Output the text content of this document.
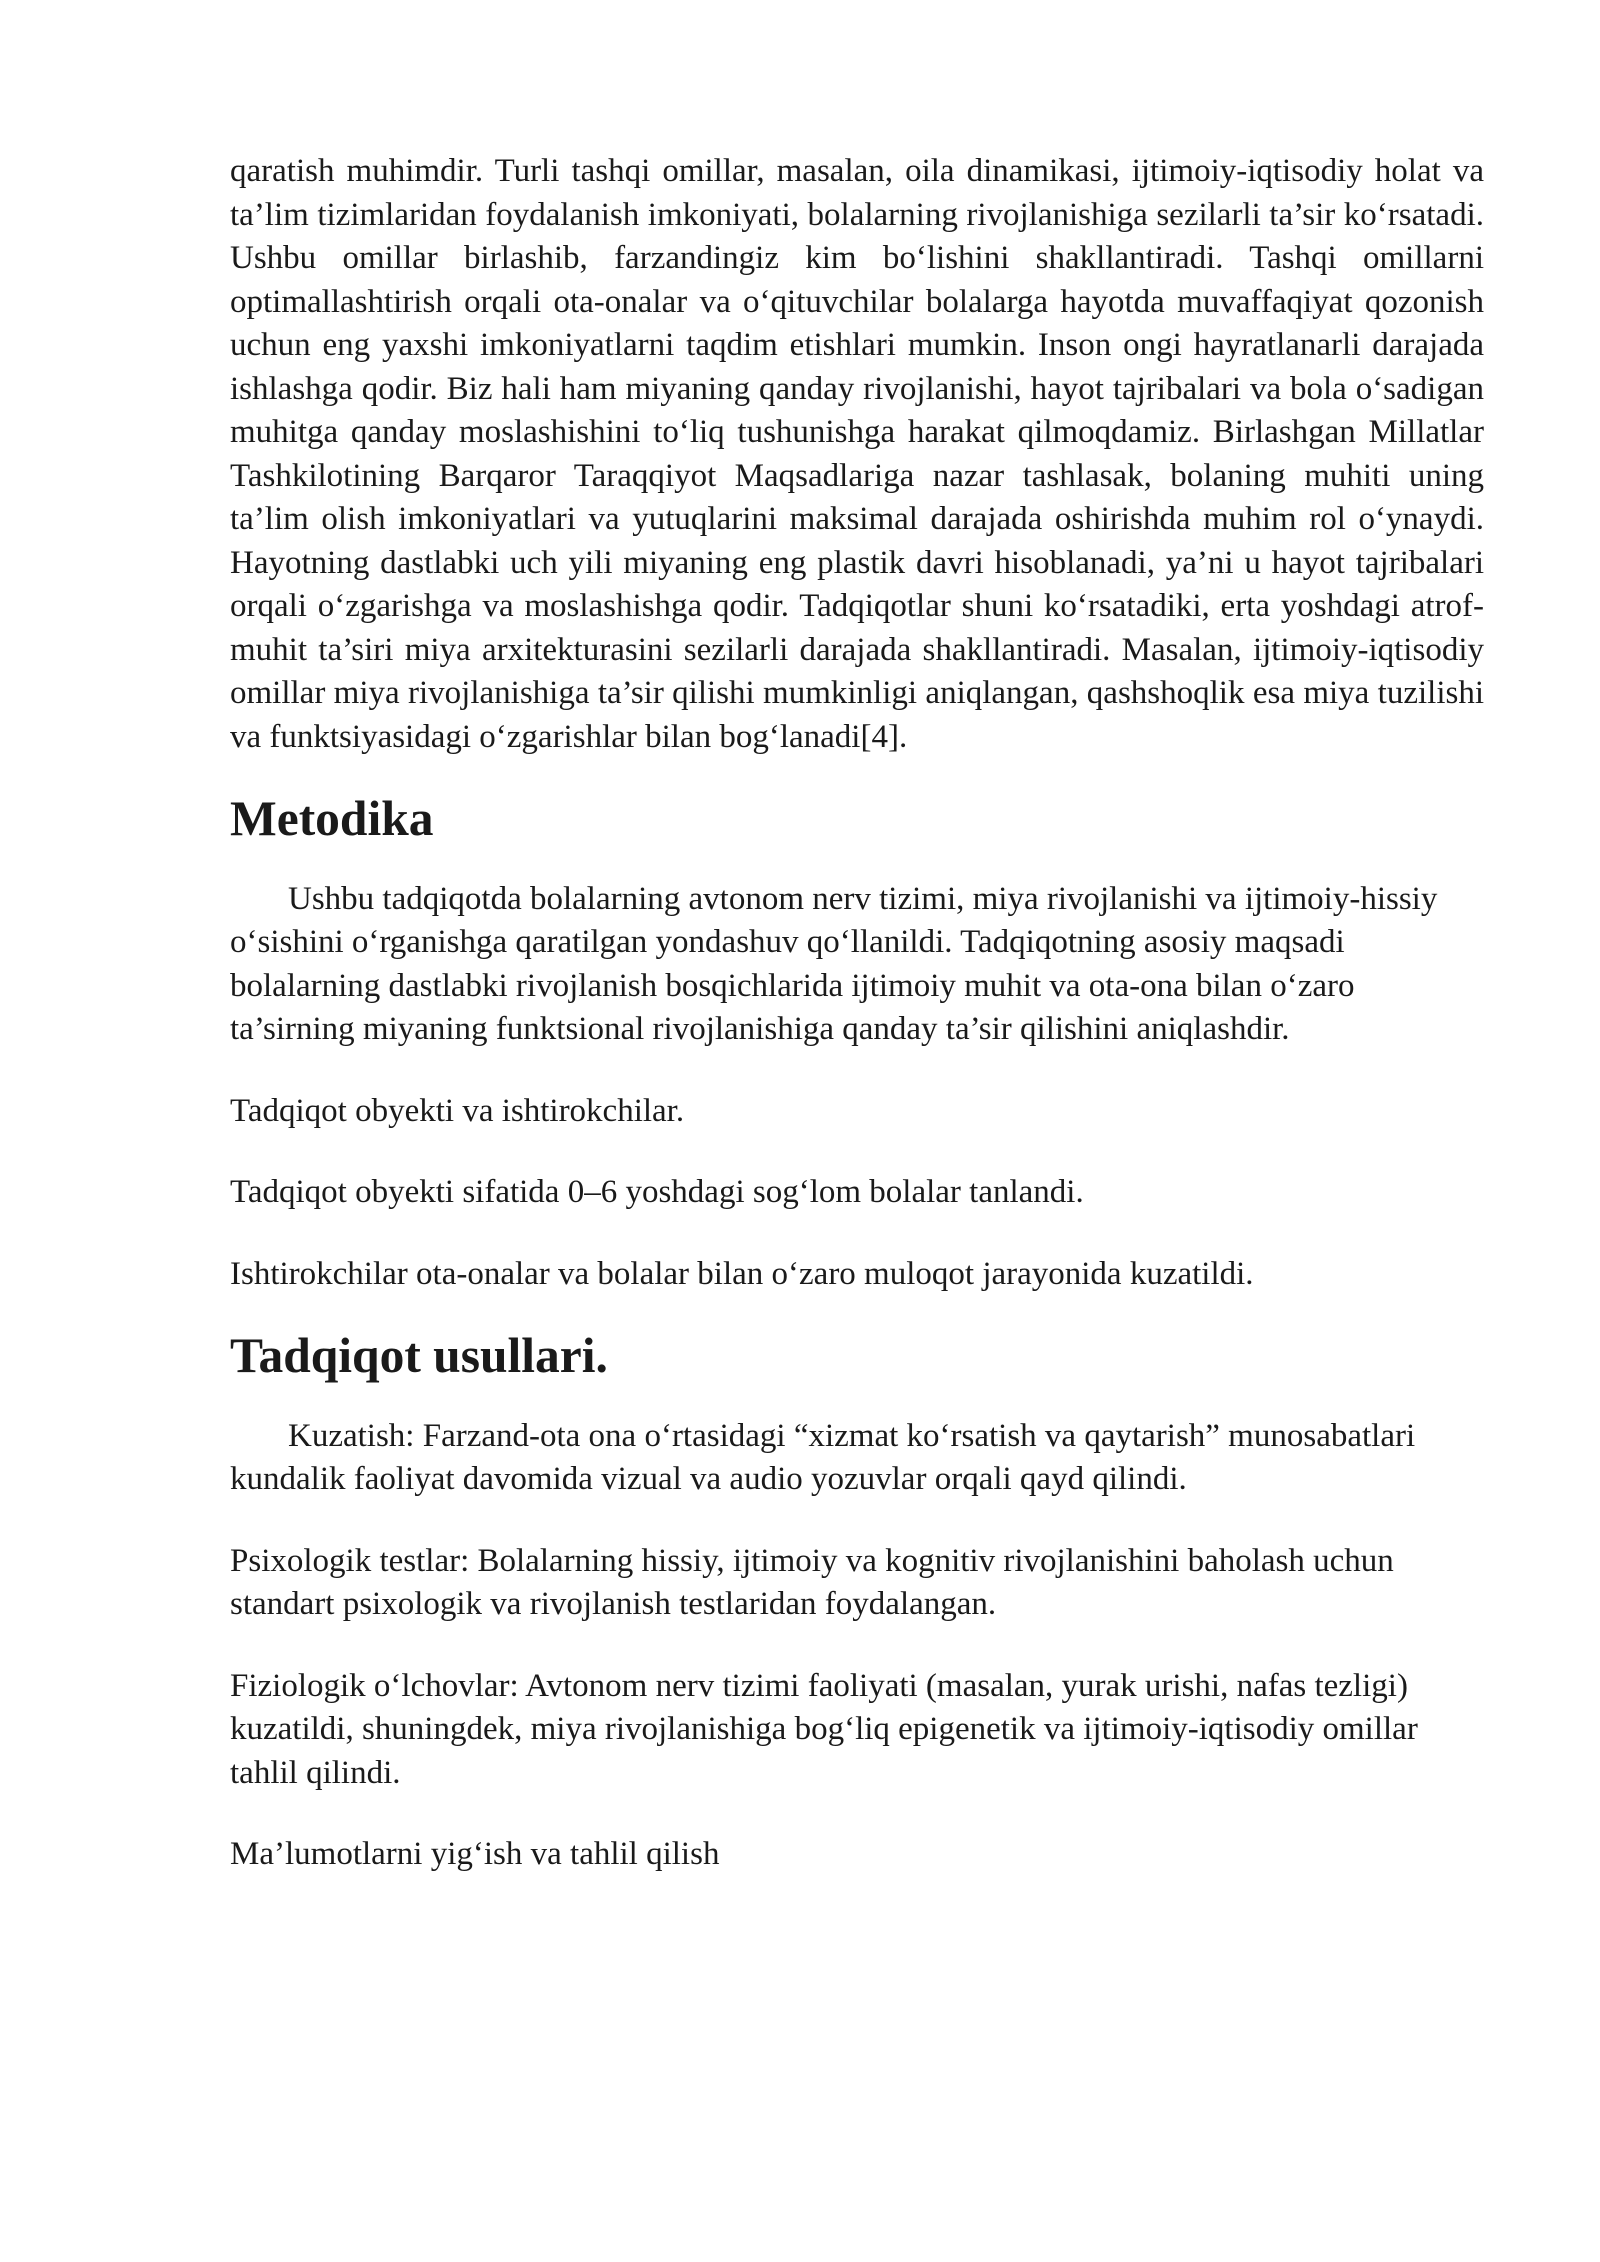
qaratish muhimdir. Turli tashqi omillar, masalan, oila dinamikasi, ijtimoiy-iqtisodiy holat va ta’lim tizimlaridan foydalanish imkoniyati, bolalarning rivojlanishiga sezilarli ta’sir ko‘rsatadi. Ushbu omillar birlashib, farzandingiz kim bo‘lishini shakllantiradi. Tashqi omillarni optimallashtirish orqali ota-onalar va o‘qituvchilar bolalarga hayotda muvaffaqiyat qozonish uchun eng yaxshi imkoniyatlarni taqdim etishlari mumkin. Inson ongi hayratlanarli darajada ishlashga qodir. Biz hali ham miyaning qanday rivojlanishi, hayot tajribalari va bola o‘sadigan muhitga qanday moslashishini to‘liq tushunishga harakat qilmoqdamiz. Birlashgan Millatlar Tashkilotining Barqaror Taraqqiyot Maqsadlariga nazar tashlasak, bolaning muhiti uning ta’lim olish imkoniyatlari va yutuqlarini maksimal darajada oshirishda muhim rol o‘ynaydi. Hayotning dastlabki uch yili miyaning eng plastik davri hisoblanadi, ya’ni u hayot tajribalari orqali o‘zgarishga va moslashishga qodir. Tadqiqotlar shuni ko‘rsatadiki, erta yoshdagi atrof-muhit ta’siri miya arxitekturasini sezilarli darajada shakllantiradi. Masalan, ijtimoiy-iqtisodiy omillar miya rivojlanishiga ta’sir qilishi mumkinligi aniqlangan, qashshoqlik esa miya tuzilishi va funktsiyasidagi o‘zgarishlar bilan bog‘lanadi[4].

Metodika

Ushbu tadqiqotda bolalarning avtonom nerv tizimi, miya rivojlanishi va ijtimoiy-hissiy o‘sishini o‘rganishga qaratilgan yondashuv qo‘llanildi. Tadqiqotning asosiy maqsadi bolalarning dastlabki rivojlanish bosqichlarida ijtimoiy muhit va ota-ona bilan o‘zaro ta’sirning miyaning funktsional rivojlanishiga qanday ta’sir qilishini aniqlashdir.

Tadqiqot obyekti va ishtirokchilar.

Tadqiqot obyekti sifatida 0–6 yoshdagi sog‘lom bolalar tanlandi.

Ishtirokchilar ota-onalar va bolalar bilan o‘zaro muloqot jarayonida kuzatildi.

Tadqiqot usullari.

Kuzatish: Farzand-ota ona o‘rtasidagi “xizmat ko‘rsatish va qaytarish” munosabatlari kundalik faoliyat davomida vizual va audio yozuvlar orqali qayd qilindi.

Psixologik testlar: Bolalarning hissiy, ijtimoiy va kognitiv rivojlanishini baholash uchun standart psixologik va rivojlanish testlaridan foydalangan.

Fiziologik o‘lchovlar: Avtonom nerv tizimi faoliyati (masalan, yurak urishi, nafas tezligi) kuzatildi, shuningdek, miya rivojlanishiga bog‘liq epigenetik va ijtimoiy-iqtisodiy omillar tahlil qilindi.

Ma’lumotlarni yig‘ish va tahlil qilish
